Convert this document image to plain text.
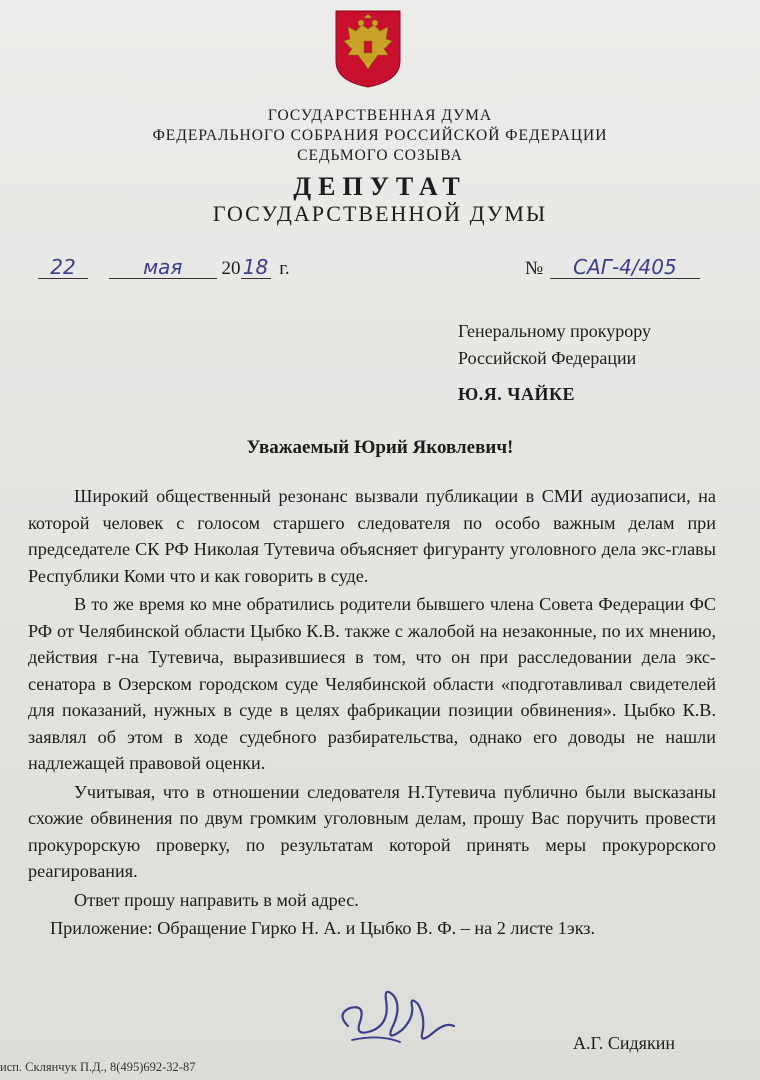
ГОСУДАРСТВЕННАЯ ДУМА
ФЕДЕРАЛЬНОГО СОБРАНИЯ РОССИЙСКОЙ ФЕДЕРАЦИИ
СЕДЬМОГО СОЗЫВА
ДЕПУТАТ
ГОСУДАРСТВЕННОЙ ДУМЫ
22	мая 20 18 г.	№ САГ-4/405
Генеральному прокурору
Российской Федерации
Ю.Я. ЧАЙКЕ
Уважаемый Юрий Яковлевич!

Широкий общественный резонанс вызвали публикации в СМИ аудиозаписи, на которой человек с голосом старшего следователя по особо важным делам при председателе СК РФ Николая Тутевича объясняет фигуранту уголовного дела экс-главы Республики Коми что и как говорить в суде.

В то же время ко мне обратились родители бывшего члена Совета Федерации ФС РФ от Челябинской области Цыбко К.В. также с жалобой на незаконные, по их мнению, действия г-на Тутевича, выразившиеся в том, что он при расследовании дела экс-сенатора в Озерском городском суде Челябинской области «подготавливал свидетелей для показаний, нужных в суде в целях фабрикации позиции обвинения». Цыбко К.В. заявлял об этом в ходе судебного разбирательства, однако его доводы не нашли надлежащей правовой оценки.

Учитывая, что в отношении следователя Н.Тутевича публично были высказаны схожие обвинения по двум громким уголовным делам, прошу Вас поручить провести прокурорскую проверку, по результатам которой принять меры прокурорского реагирования.

Ответ прошу направить в мой адрес.

Приложение: Обращение Гирко Н. А. и Цыбко В. Ф. – на 2 листе 1экз.

А.Г. Сидякин
исп. Склянчук П.Д., 8(495)692-32-87
